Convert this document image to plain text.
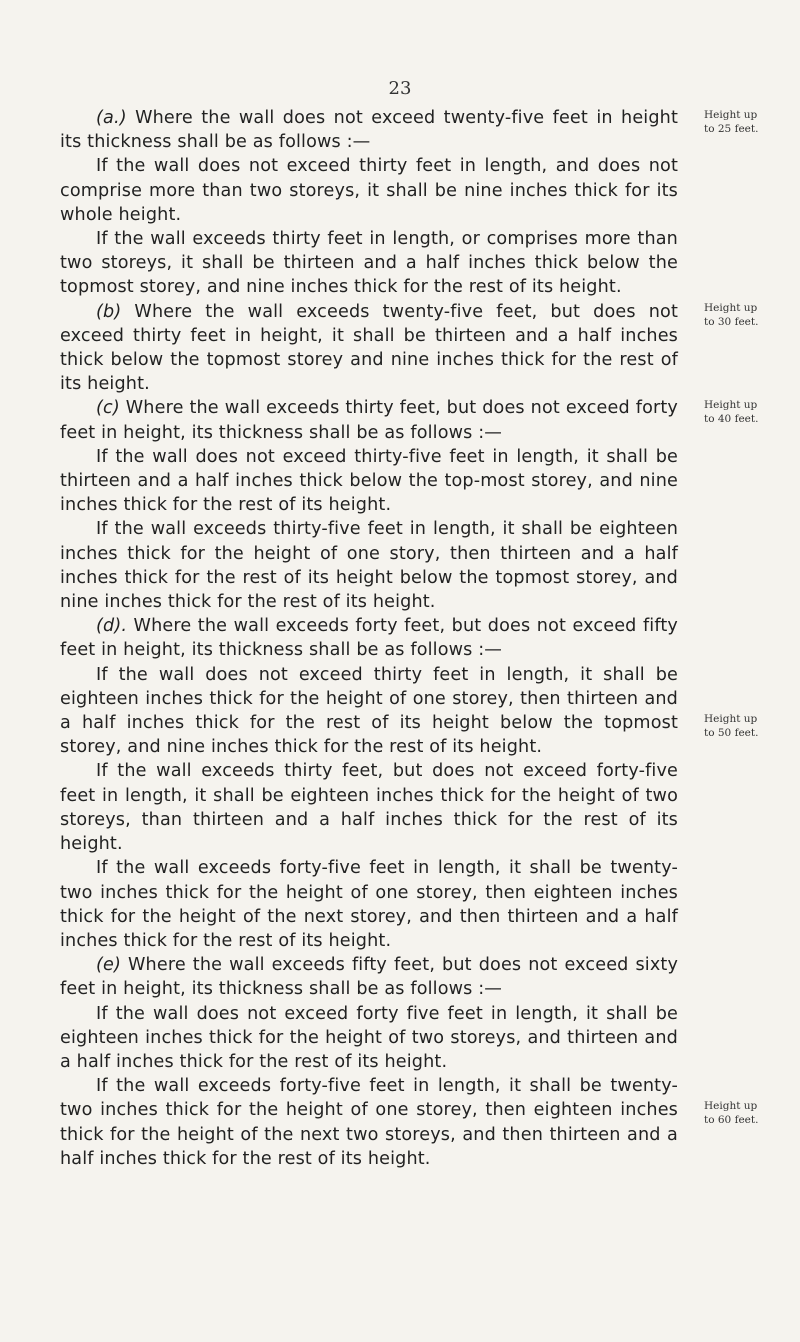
23

(a.) Where the wall does not exceed twenty-five feet in height its thickness shall be as follows :—

If the wall does not exceed thirty feet in length, and does not comprise more than two storeys, it shall be nine inches thick for its whole height.

If the wall exceeds thirty feet in length, or comprises more than two storeys, it shall be thirteen and a half inches thick below the topmost storey, and nine inches thick for the rest of its height.

(b) Where the wall exceeds twenty-five feet, but does not exceed thirty feet in height, it shall be thirteen and a half inches thick below the topmost storey and nine inches thick for the rest of its height.

(c) Where the wall exceeds thirty feet, but does not exceed forty feet in height, its thickness shall be as follows :—

If the wall does not exceed thirty-five feet in length, it shall be thirteen and a half inches thick below the top-most storey, and nine inches thick for the rest of its height.

If the wall exceeds thirty-five feet in length, it shall be eighteen inches thick for the height of one story, then thirteen and a half inches thick for the rest of its height below the topmost storey, and nine inches thick for the rest of its height.

(d). Where the wall exceeds forty feet, but does not exceed fifty feet in height, its thickness shall be as follows :—

If the wall does not exceed thirty feet in length, it shall be eighteen inches thick for the height of one storey, then thirteen and a half inches thick for the rest of its height below the topmost storey, and nine inches thick for the rest of its height.

If the wall exceeds thirty feet, but does not exceed forty-five feet in length, it shall be eighteen inches thick for the height of two storeys, than thirteen and a half inches thick for the rest of its height.

If the wall exceeds forty-five feet in length, it shall be twenty-two inches thick for the height of one storey, then eighteen inches thick for the height of the next storey, and then thirteen and a half inches thick for the rest of its height.

(e) Where the wall exceeds fifty feet, but does not exceed sixty feet in height, its thickness shall be as follows :—

If the wall does not exceed forty five feet in length, it shall be eighteen inches thick for the height of two storeys, and thirteen and a half inches thick for the rest of its height.

If the wall exceeds forty-five feet in length, it shall be twenty-two inches thick for the height of one storey, then eighteen inches thick for the height of the next two storeys, and then thirteen and a half inches thick for the rest of its height.

Height up
to 25 feet.
Height up
to 30 feet.
Height up
to 40 feet.
Height up
to 50 feet.
Height up
to 60 feet.
